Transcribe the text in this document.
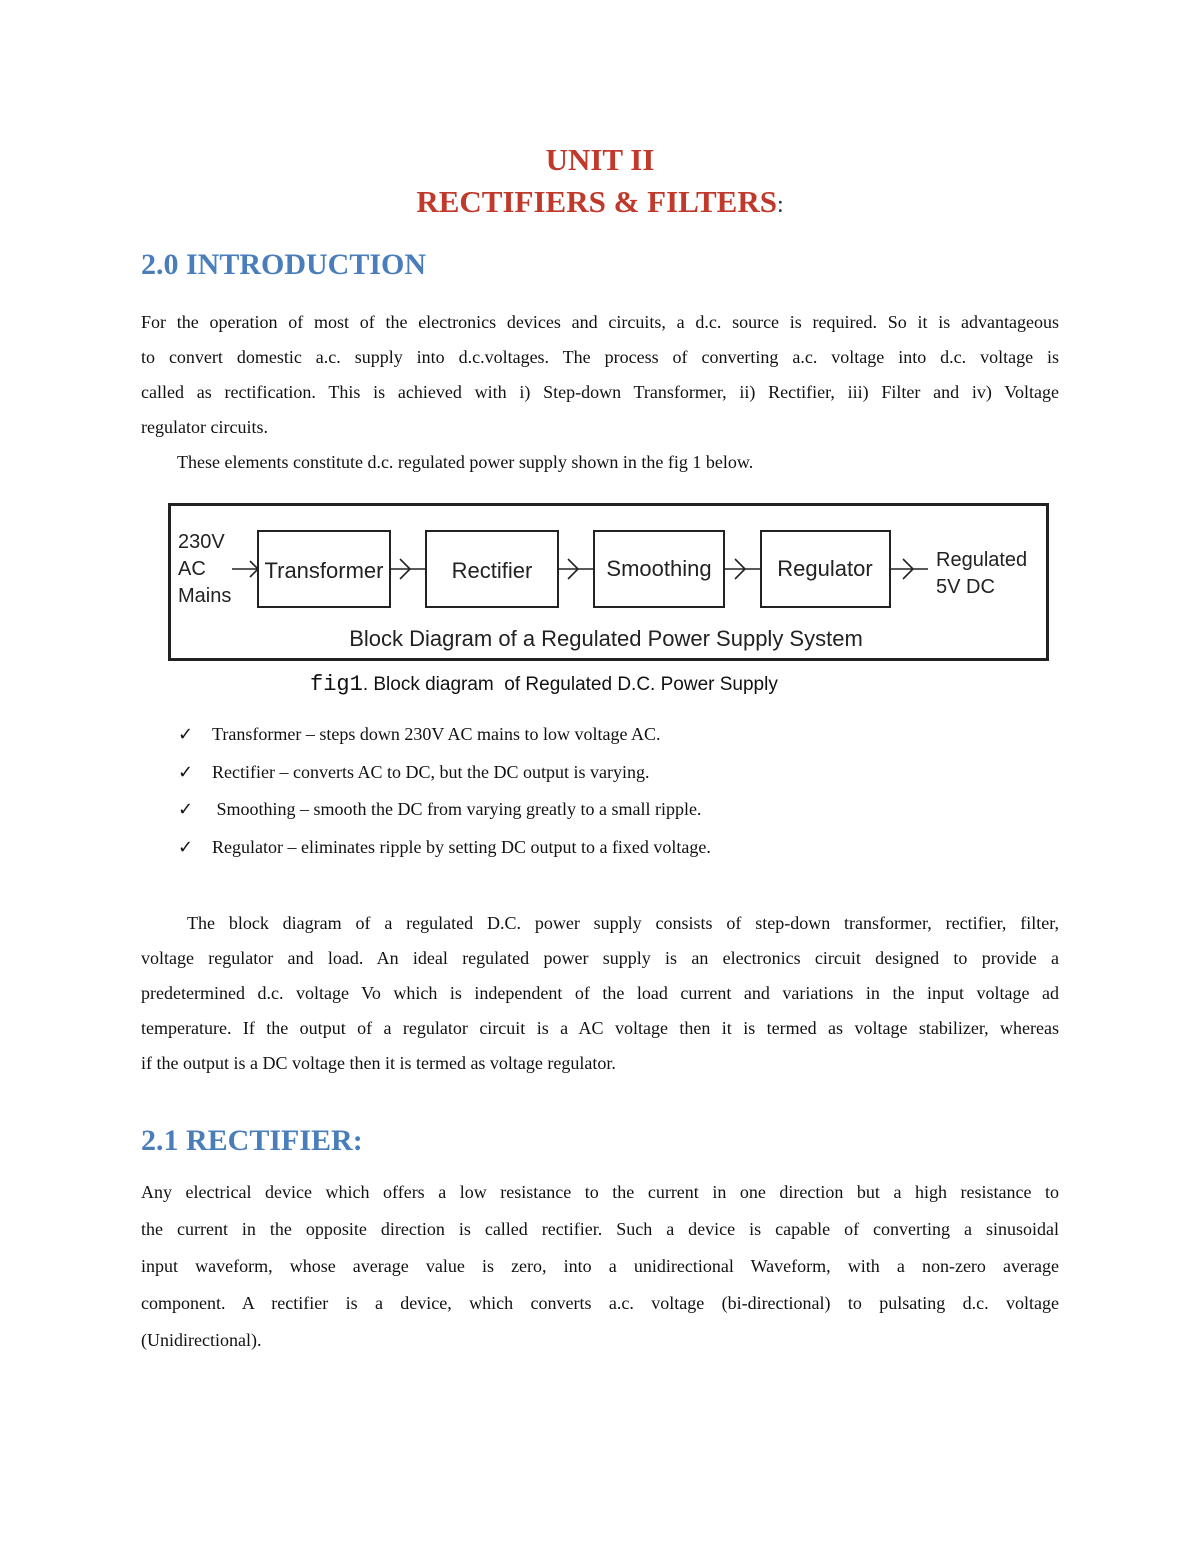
UNIT II
RECTIFIERS & FILTERS:
2.0 INTRODUCTION
For the operation of most of the electronics devices and circuits, a d.c. source is required. So it is advantageous
to convert domestic a.c. supply into d.c.voltages. The process of converting a.c. voltage into d.c. voltage is
called as rectification. This is achieved with i) Step-down Transformer, ii) Rectifier, iii) Filter and iv) Voltage
regulator circuits.
These elements constitute d.c. regulated power supply shown in the fig 1 below.
230V
AC
Mains
Transformer	Rectifier	Smoothing	Regulator	Regulated
5V DC
Block Diagram of a Regulated Power Supply System
fig1. Block diagram  of Regulated D.C. Power Supply
✓	Transformer – steps down 230V AC mains to low voltage AC.
✓	Rectifier – converts AC to DC, but the DC output is varying.
✓	Smoothing – smooth the DC from varying greatly to a small ripple.
✓	Regulator – eliminates ripple by setting DC output to a fixed voltage.
The block diagram of a regulated D.C. power supply consists of step-down transformer, rectifier, filter,
voltage regulator and load. An ideal regulated power supply is an electronics circuit designed to provide a
predetermined d.c. voltage Vo which is independent of the load current and variations in the input voltage ad
temperature. If the output of a regulator circuit is a AC voltage then it is termed as voltage stabilizer, whereas
if the output is a DC voltage then it is termed as voltage regulator.
2.1 RECTIFIER:
Any electrical device which offers a low resistance to the current in one direction but a high resistance to
the current in the opposite direction is called rectifier. Such a device is capable of converting a sinusoidal
input waveform, whose average value is zero, into a unidirectional Waveform, with a non-zero average
component. A rectifier is a device, which converts a.c. voltage (bi-directional) to pulsating d.c. voltage
(Unidirectional).
